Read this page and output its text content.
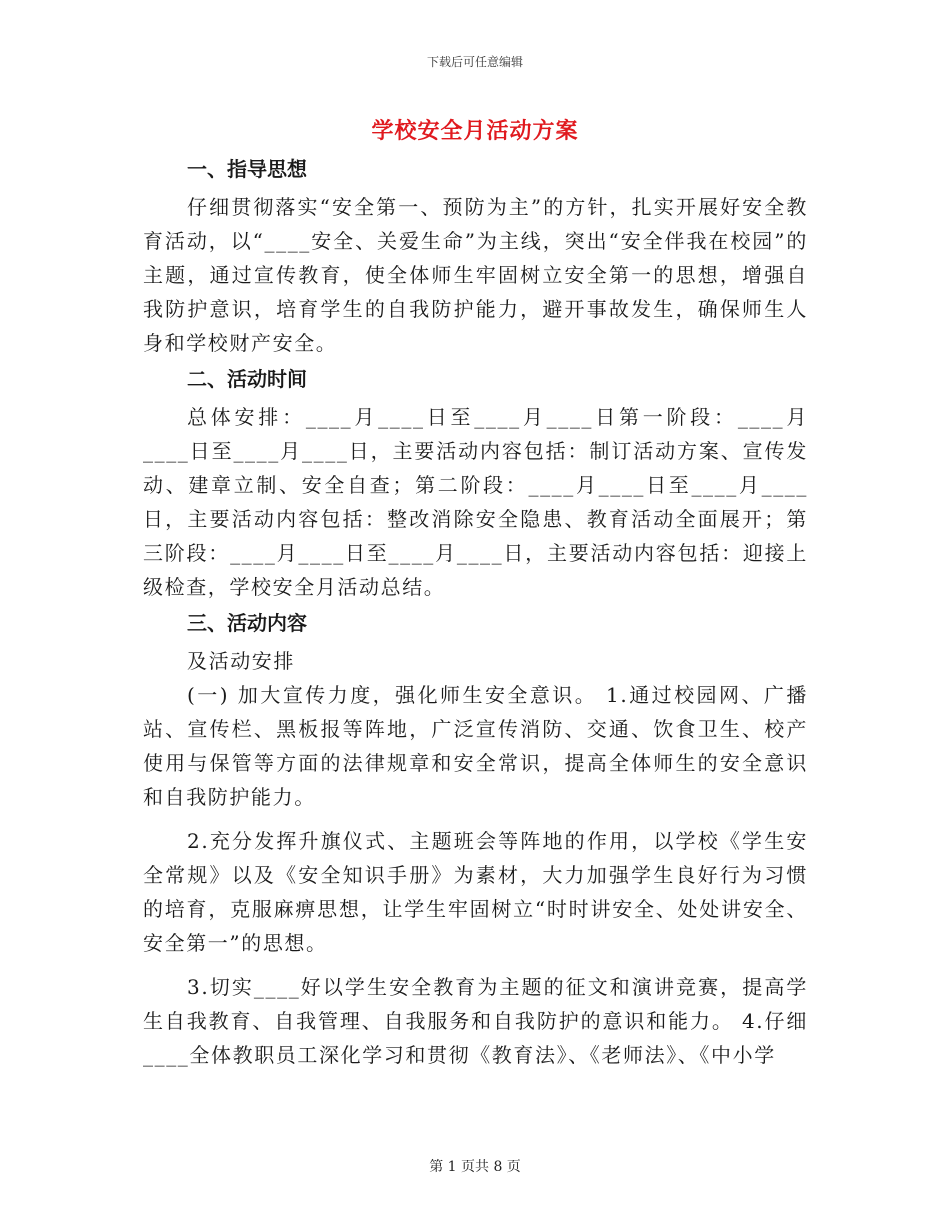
下载后可任意编辑
学校安全月活动方案
一、指导思想

仔细贯彻落实“安全第一、预防为主”的方针，扎实开展好安全教育活动，以“____安全、关爱生命”为主线，突出“安全伴我在校园”的主题，通过宣传教育，使全体师生牢固树立安全第一的思想，增强自我防护意识，培育学生的自我防护能力，避开事故发生，确保师生人身和学校财产安全。

二、活动时间

总体安排：____月____日至____月____日第一阶段：____月____日至____月____日，主要活动内容包括：制订活动方案、宣传发动、建章立制、安全自查；第二阶段：____月____日至____月____日，主要活动内容包括：整改消除安全隐患、教育活动全面展开；第三阶段：____月____日至____月____日，主要活动内容包括：迎接上级检查，学校安全月活动总结。

三、活动内容

及活动安排

(一) 加大宣传力度，强化师生安全意识。 1.通过校园网、广播站、宣传栏、黑板报等阵地，广泛宣传消防、交通、饮食卫生、校产使用与保管等方面的法律规章和安全常识，提高全体师生的安全意识和自我防护能力。

2.充分发挥升旗仪式、主题班会等阵地的作用，以学校《学生安全常规》以及《安全知识手册》为素材，大力加强学生良好行为习惯的培育，克服麻痹思想，让学生牢固树立“时时讲安全、处处讲安全、安全第一”的思想。

3.切实____好以学生安全教育为主题的征文和演讲竞赛，提高学生自我教育、自我管理、自我服务和自我防护的意识和能力。 4.仔细____全体教职员工深化学习和贯彻《教育法》、《老师法》、《中小学

第 1 页共 8 页
